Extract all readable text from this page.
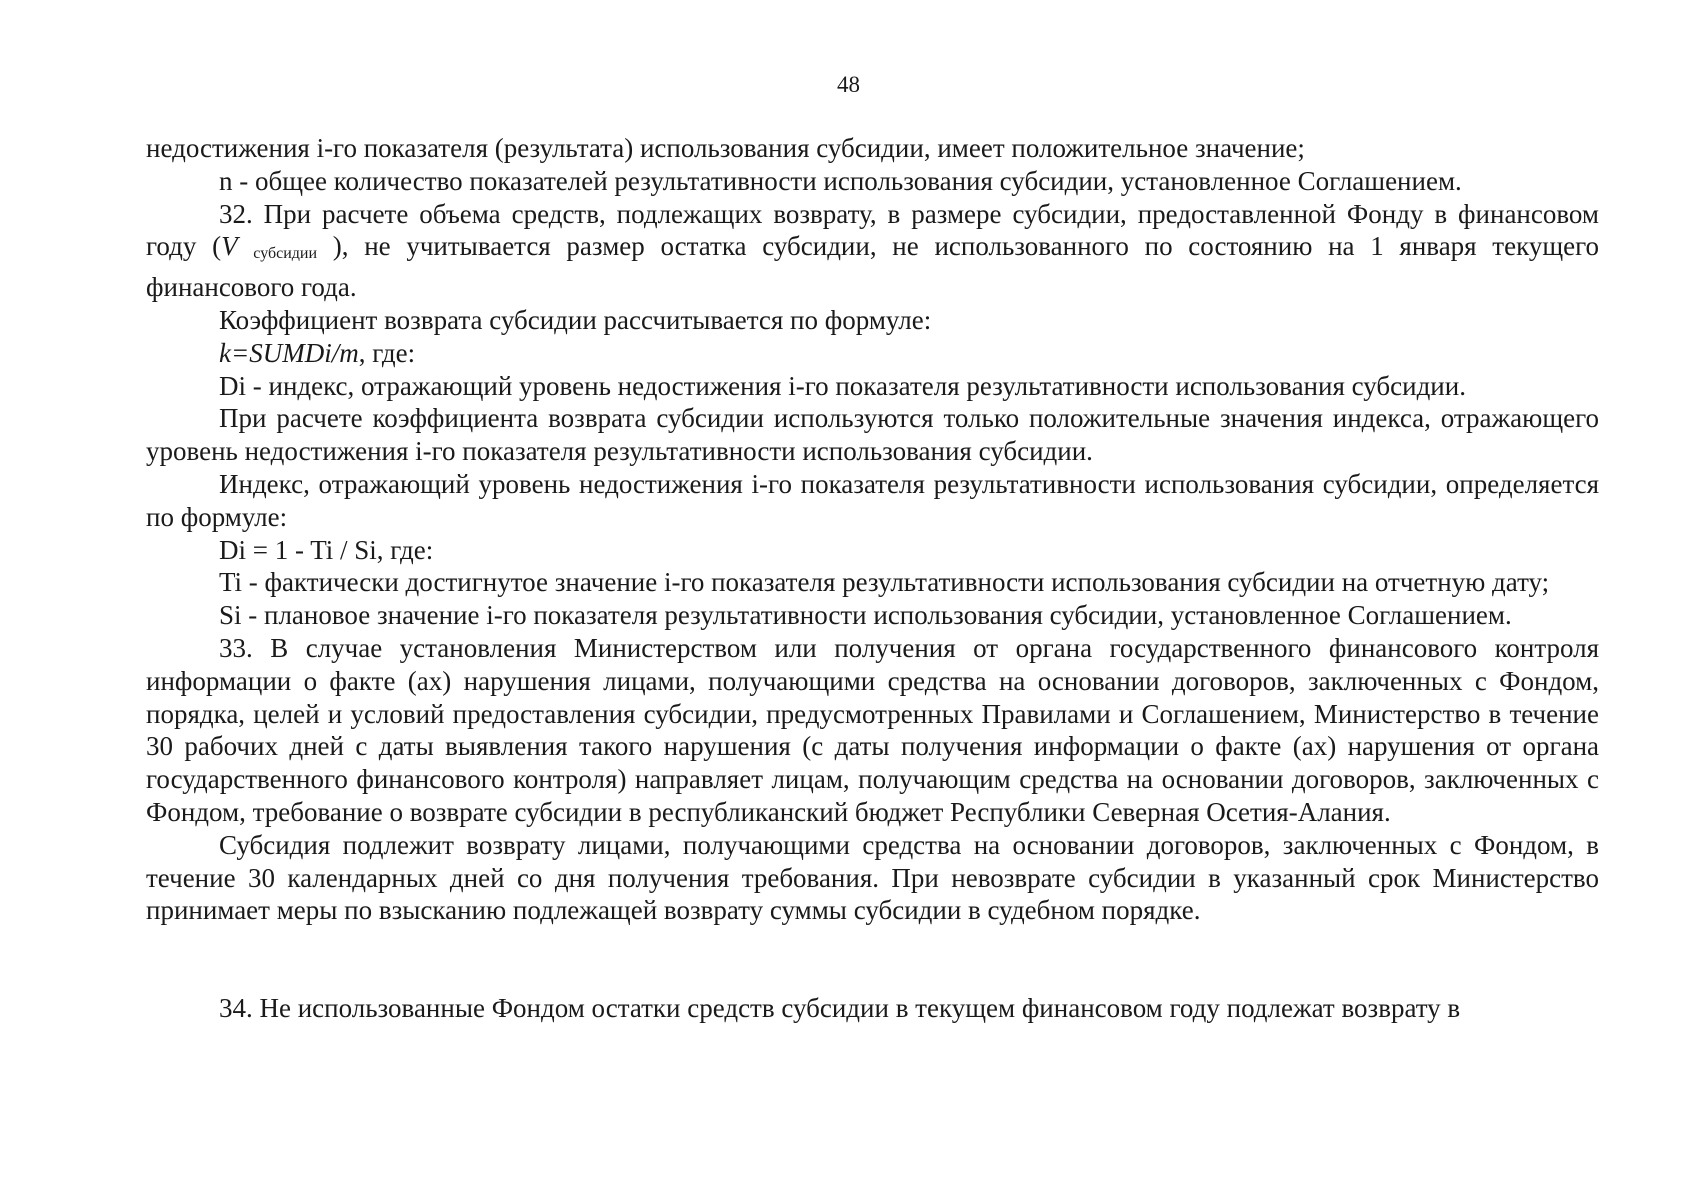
48

недостижения i-го показателя (результата) использования субсидии, имеет положительное значение;

n - общее количество показателей результативности использования субсидии, установленное Соглашением.

32. При расчете объема средств, подлежащих возврату, в размере субсидии, предоставленной Фонду в финансовом году (V субсидии ), не учитывается размер остатка субсидии, не использованного по состоянию на 1 января текущего финансового года.

Коэффициент возврата субсидии рассчитывается по формуле:

k=SUMDi/m, где:

Di - индекс, отражающий уровень недостижения i-го показателя результативности использования субсидии.

При расчете коэффициента возврата субсидии используются только положительные значения индекса, отражающего уровень недостижения i-го показателя результативности использования субсидии.

Индекс, отражающий уровень недостижения i-го показателя результативности использования субсидии, определяется по формуле:

Di = 1 - Ti / Si, где:

Ti - фактически достигнутое значение i-го показателя результативности использования субсидии на отчетную дату;

Si - плановое значение i-го показателя результативности использования субсидии, установленное Соглашением.

33. В случае установления Министерством или получения от органа государственного финансового контроля информации о факте (ах) нарушения лицами, получающими средства на основании договоров, заключенных с Фондом, порядка, целей и условий предоставления субсидии, предусмотренных Правилами и Соглашением, Министерство в течение 30 рабочих дней с даты выявления такого нарушения (с даты получения информации о факте (ах) нарушения от органа государственного финансового контроля) направляет лицам, получающим средства на основании договоров, заключенных с Фондом, требование о возврате субсидии в республиканский бюджет Республики Северная Осетия-Алания.

Субсидия подлежит возврату лицами, получающими средства на основании договоров, заключенных с Фондом, в течение 30 календарных дней со дня получения требования. При невозврате субсидии в указанный срок Министерство принимает меры по взысканию подлежащей возврату суммы субсидии в судебном порядке.

34. Не использованные Фондом остатки средств субсидии в текущем финансовом году подлежат возврату в
